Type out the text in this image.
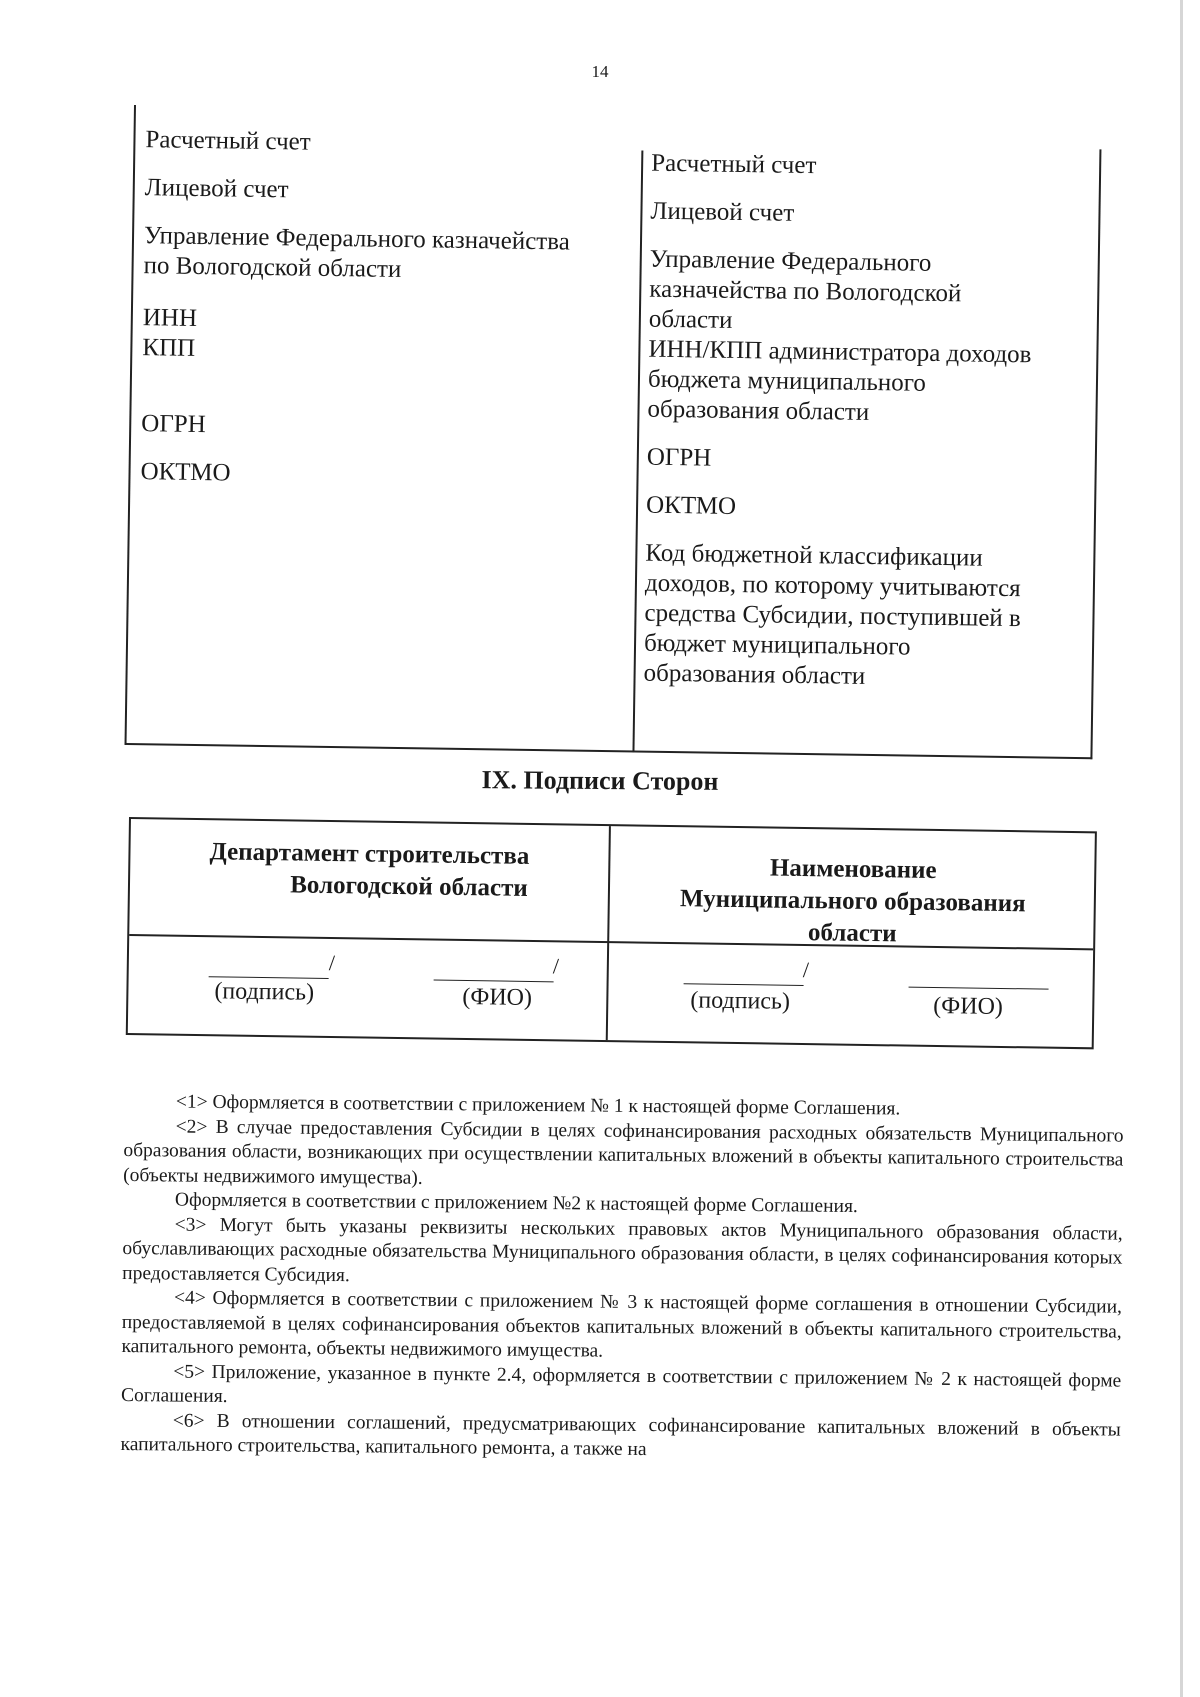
14

Расчетный счет

Лицевой счет

Управление Федерального казначейства

по Вологодской области

ИНН

КПП

ОГРН

ОКТМО

Расчетный счет

Лицевой счет

Управление Федерального

казначейства по Вологодской

области

ИНН/КПП администратора доходов

бюджета муниципального

образования области

ОГРН

ОКТМО

Код бюджетной классификации

доходов, по которому учитываются

средства Субсидии, поступившей в

бюджет муниципального

образования области

IX. Подписи Сторон
Департамент строительства
Вологодской области
Наименование
Муниципального образования
области
/
(подпись)
/
(ФИО)
/
(подпись)	(ФИО)

<1> Оформляется в соответствии с приложением № 1 к настоящей форме Соглашения.

<2> В случае предоставления Субсидии в целях софинансирования расходных обязательств Муниципального образования области, возникающих при осуществлении капитальных вложений в объекты капитального строительства (объекты недвижимого имущества).

Оформляется в соответствии с приложением №2 к настоящей форме Соглашения.

<3> Могут быть указаны реквизиты нескольких правовых актов Муниципального образования области, обуславливающих расходные обязательства Муниципального образования области, в целях софинансирования которых предоставляется Субсидия.

<4> Оформляется в соответствии с приложением № 3 к настоящей форме соглашения в отношении Субсидии, предоставляемой в целях софинансирования объектов капитальных вложений в объекты капитального строительства, капитального ремонта, объекты недвижимого имущества.

<5> Приложение, указанное в пункте 2.4, оформляется в соответствии с приложением № 2 к настоящей форме Соглашения.

<6> В отношении соглашений, предусматривающих софинансирование капитальных вложений в объекты капитального строительства, капитального ремонта, а также на
